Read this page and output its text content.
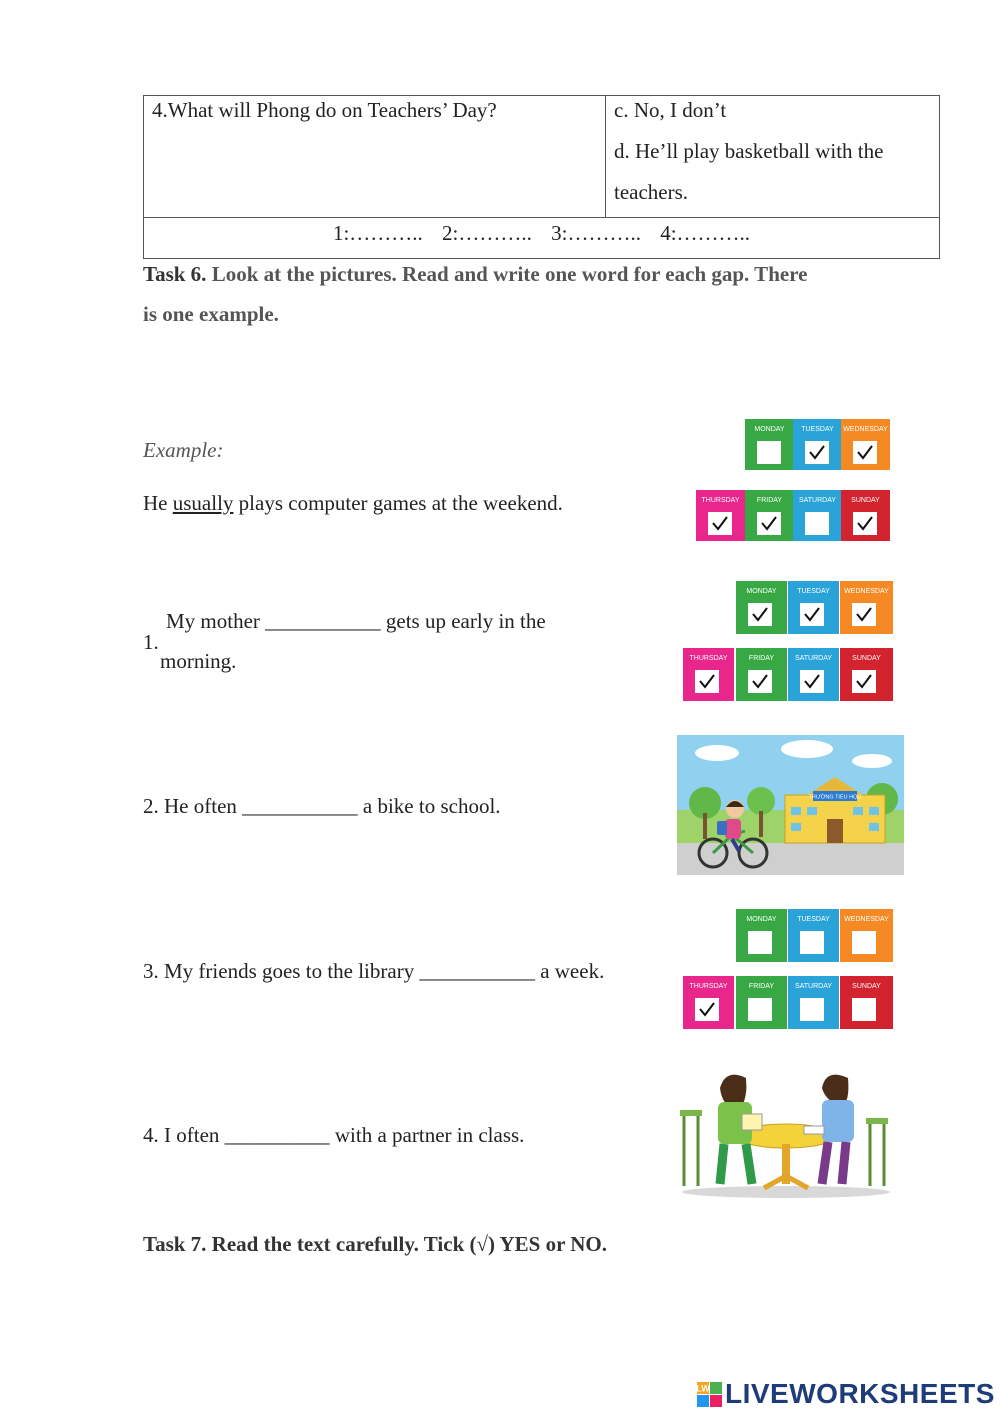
4.What will Phong do on Teachers’ Day?	c. No, I don’t
d. He’ll play basketball with the
teachers.
1:……….. 2:……….. 3:……….. 4:………..
Task 6. Look at the pictures. Read and write one word for each gap. There
is one example.
Example:
He usually plays computer games at the weekend.
MONDAY	TUESDAY	WEDNESDAY
THURSDAY	FRIDAY	SATURDAY	SUNDAY
1.
My mother ___________ gets up early in the
morning.
MONDAY	TUESDAY	WEDNESDAY
THURSDAY	FRIDAY	SATURDAY	SUNDAY
2. He often ___________ a bike to school.	TRƯỜNG TIỂU HỌC
3. My friends goes to the library ___________ a week.
MONDAY	TUESDAY	WEDNESDAY
THURSDAY	FRIDAY	SATURDAY	SUNDAY
4. I often __________ with a partner in class.
Task 7. Read the text carefully. Tick (√) YES or NO.
LW LIVEWORKSHEETS
